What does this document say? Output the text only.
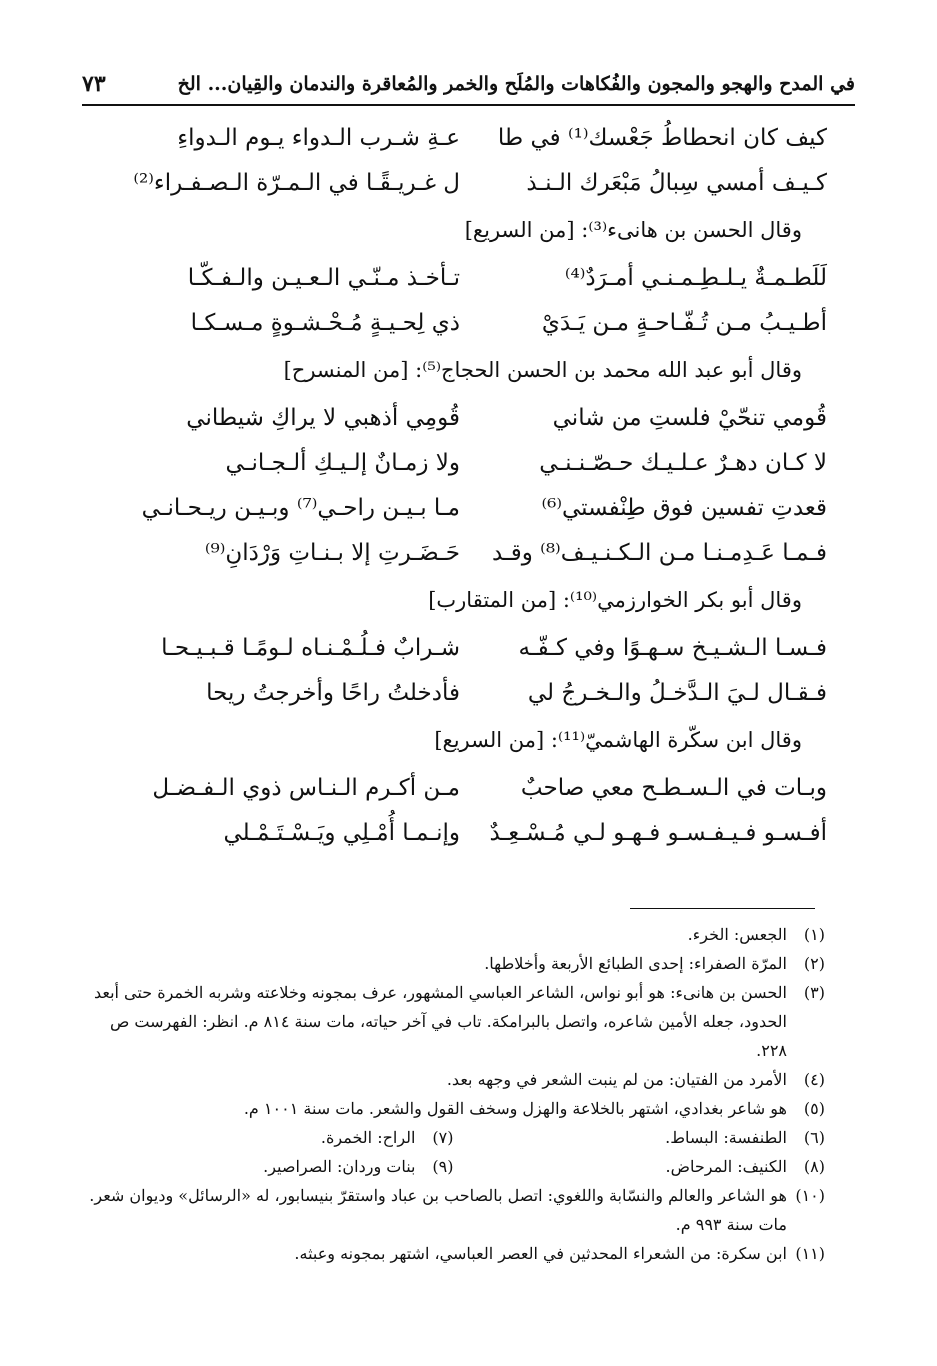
في المدح والهجو والمجون والفُكاهات والمُلَح والخمر والمُعاقرة والندمان والقِيان... الخ
٧٣
كيف كان انحطاطُ جَعْسك⁽¹⁾ في طا
عـةِ شـرب الـدواء يـوم الـدواءِ
كـيـف أمسي سِبالُ مَبْعَرك الـنـذ
ل غـريـقًـا في الـمـرّة الـصـفـراء⁽²⁾
وقال الحسن بن هانىء⁽³⁾: [من السريع]
لَلَطـمـةٌ يـلـطِـمـنـي أمـرَدٌ⁽⁴⁾
تـأخـذ مـنّـي الـعـيـن والـفـكّـا
أطـيـبُ مـن تُـفّـاحـةٍ مـن يَـدَيْ
ذي لِحـيـةٍ مُـحْـشـوةٍ مـسـكـا
وقال أبو عبد الله محمد بن الحسن الحجاج⁽⁵⁾: [من المنسرح]
قُومي تنحّيْ فلستِ من شاني
قُومِي أذهبي لا يراكِ شيطاني
لا كـان دهـرٌ عـلـيـك حـصّـنـنـي
ولا زمـانٌ إلـيـكِ ألـجـانـي
قعدتِ تفسين فوق طِنْفستي⁽⁶⁾
مـا بـيـن راحـي⁽⁷⁾ وبـيـن ريـحـانـي
فـمـا عَـدِمـنـا مـن الـكـنـيـف⁽⁸⁾ وقـد
حَـضَـرتِ إلا بـنـاتِ وَرْدَانِ⁽⁹⁾
وقال أبو بكر الخوارزمي⁽¹⁰⁾: [من المتقارب]
فـسـا الـشـيـخ سـهـوًا وفي كـفّـه
شـرابٌ فـلُـمْـنـاه لـومًـا قـبـيـحـا
فـقـال لـيَ الـدَّخـلُ والـخـرجُ لي
فأدخلتُ راحًا وأخرجتُ ريحا
وقال ابن سكّرة الهاشميّ⁽¹¹⁾: [من السريع]
وبـات في الـسـطـح معي صاحبٌ
مـن أكـرم الـنـاس ذوي الـفـضـل
أفـسـو فـيـفـسـو فـهـو لـي مُـسْـعِـدٌ
وإنـمـا أُمْـلِي ويَـسْـتَـمْـلي
(١)
الجعس: الخرء.
(٢)
المرّة الصفراء: إحدى الطبائع الأربعة وأخلاطها.
(٣)
الحسن بن هانىء: هو أبو نواس، الشاعر العباسي المشهور، عرف بمجونه وخلاعته وشربه الخمرة حتى أبعد الحدود، جعله الأمين شاعره، واتصل بالبرامكة. تاب في آخر حياته، مات سنة ٨١٤ م. انظر: الفهرست ص ٢٢٨.
(٤)
الأمرد من الفتيان: من لم ينبت الشعر في وجهه بعد.
(٥)
هو شاعر بغدادي، اشتهر بالخلاعة والهزل وسخف القول والشعر. مات سنة ١٠٠١ م.
(٦)
الطنفسة: البساط.
(٧)
الراح: الخمرة.
(٨)
الكنيف: المرحاض.
(٩)
بنات وردان: الصراصير.
(١٠)
هو الشاعر والعالم والنسّابة واللغوي: اتصل بالصاحب بن عباد واستقرّ بنيسابور، له «الرسائل» وديوان شعر. مات سنة ٩٩٣ م.
(١١)
ابن سكرة: من الشعراء المحدثين في العصر العباسي، اشتهر بمجونه وعبثه.
